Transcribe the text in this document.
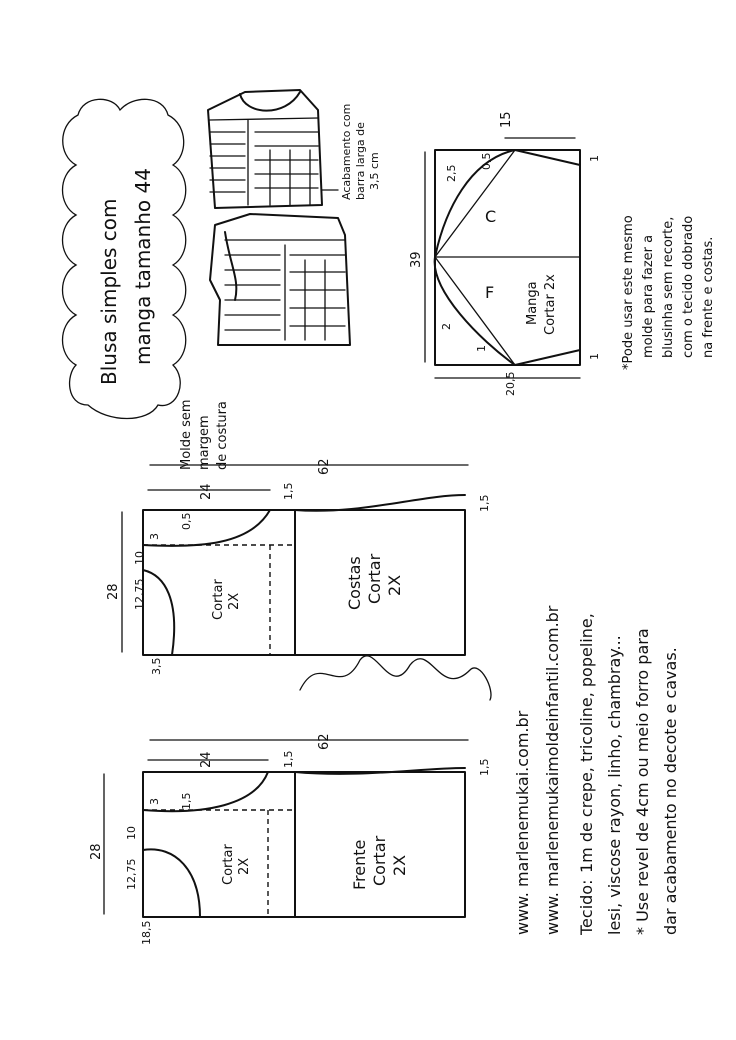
Blusa simples com manga tamanho 44
Molde sem margem de costura
Acabamento com barra larga de 3,5 cm
C
F Manga Cortar 2x
39
15
20,5
1
1
2,5
0,5
2
1	*Pode usar este mesmo molde para fazer a blusinha sem recorte, com o tecido dobrado na frente e costas.
Cortar 2X	Costas Cortar 2X
62
24	1,5
1,5
28 12,75
10
3
0,5
3,5	Marlene Mukai
Cortar 2X	Frente Cortar 2X
62
24	1,5	1,5
28
12,75
10
3 1,5
18,5	www. marlenemukai.com.br www. marlenemukaimoldeinfantil.com.br Tecido:
1m de crepe, tricoline, popeline, lesi, viscose rayon, linho, chambray... * Use revel de 4cm ou meio forro para dar acabamento no decote e cavas.
